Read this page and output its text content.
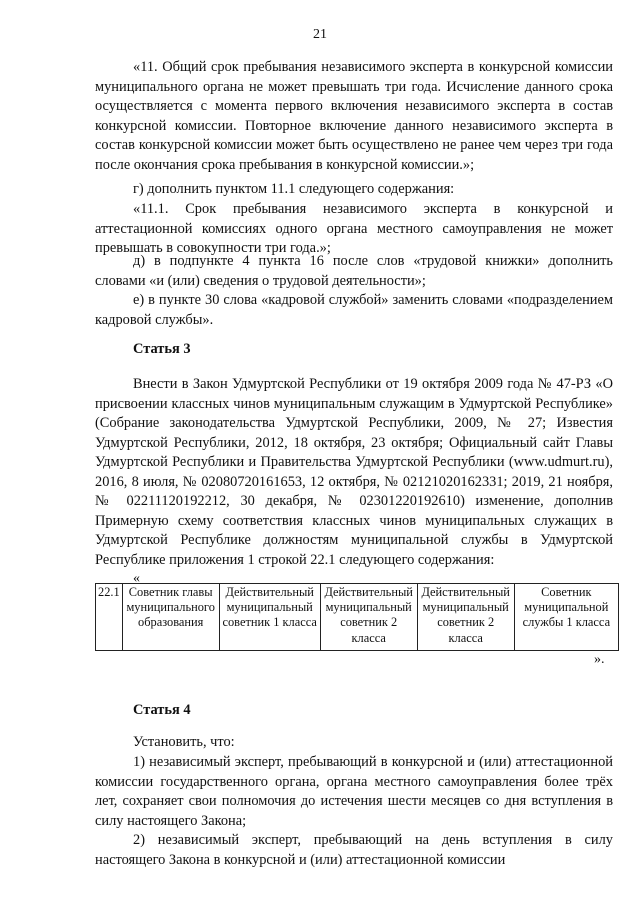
21

«11. Общий срок пребывания независимого эксперта в конкурсной комиссии муниципального органа не может превышать три года. Исчисление данного срока осуществляется с момента первого включения независимого эксперта в состав конкурсной комиссии. Повторное включение данного независимого эксперта в состав конкурсной комиссии может быть осуществлено не ранее чем через три года после окончания срока пребывания в конкурсной комиссии.»;

г) дополнить пунктом 11.1 следующего содержания:

«11.1. Срок пребывания независимого эксперта в конкурсной и аттестационной комиссиях одного органа местного самоуправления не может превышать в совокупности три года.»;

д) в подпункте 4 пункта 16 после слов «трудовой книжки» дополнить словами «и (или) сведения о трудовой деятельности»;

е) в пункте 30 слова «кадровой службой» заменить словами «подразделением кадровой службы».

Статья 3

Внести в Закон Удмуртской Республики от 19 октября 2009 года № 47-РЗ «О присвоении классных чинов муниципальным служащим в Удмуртской Республике» (Собрание законодательства Удмуртской Республики, 2009, № 27; Известия Удмуртской Республики, 2012, 18 октября, 23 октября; Официальный сайт Главы Удмуртской Республики и Правительства Удмуртской Республики (www.udmurt.ru), 2016, 8 июля, № 02080720161653, 12 октября, № 02121020162331; 2019, 21 ноября, № 02211120192212, 30 декабря, № 02301220192610) изменение, дополнив Примерную схему соответствия классных чинов муниципальных служащих в Удмуртской Республике должностям муниципальной службы в Удмуртской Республике приложения 1 строкой 22.1 следующего содержания:

«
22.1	Советник главы муниципального образования	Действительный муниципальный советник 1 класса	Действительный муниципальный советник 2 класса	Действительный муниципальный советник 2 класса	Советник муниципальной службы 1 класса
».
Статья 4

Установить, что:

1) независимый эксперт, пребывающий в конкурсной и (или) аттестационной комиссии государственного органа, органа местного самоуправления более трёх лет, сохраняет свои полномочия до истечения шести месяцев со дня вступления в силу настоящего Закона;

2) независимый эксперт, пребывающий на день вступления в силу настоящего Закона в конкурсной и (или) аттестационной комиссии
